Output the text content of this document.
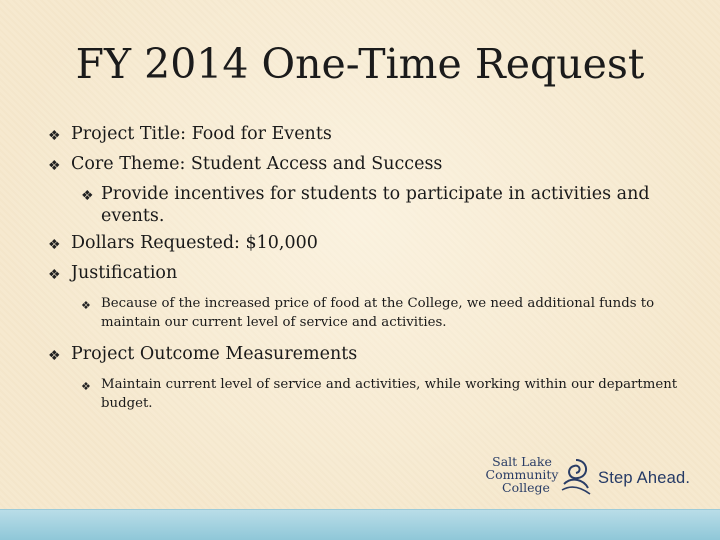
FY 2014 One-Time Request
❖ Project Title: Food for Events
❖ Core Theme: Student Access and Success
❖ Provide incentives for students to participate in activities and events.
❖ Dollars Requested: $10,000
❖ Justification
❖ Because of the increased price of food at the College, we need additional funds to maintain our current level of service and activities.
❖ Project Outcome Measurements
❖ Maintain current level of service and activities, while working within our department budget.
Salt Lake
Community
College
Step Ahead.
